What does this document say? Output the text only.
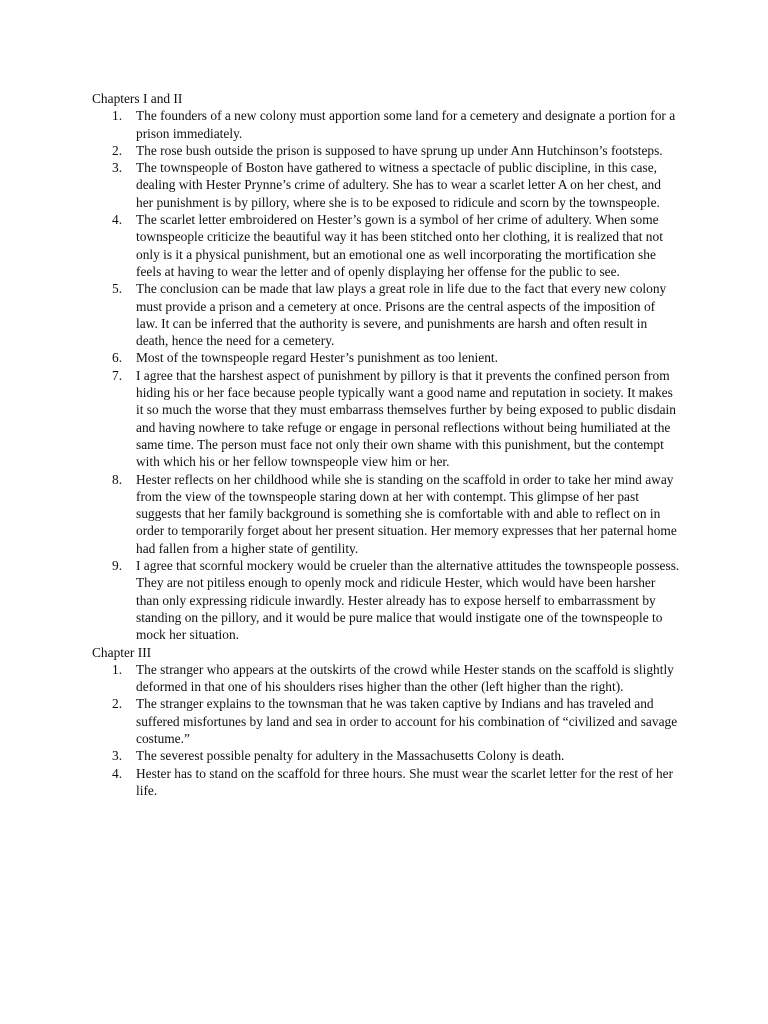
Chapters I and II
1. The founders of a new colony must apportion some land for a cemetery and designate a portion for a prison immediately.
2. The rose bush outside the prison is supposed to have sprung up under Ann Hutchinson’s footsteps.
3. The townspeople of Boston have gathered to witness a spectacle of public discipline, in this case, dealing with Hester Prynne’s crime of adultery. She has to wear a scarlet letter A on her chest, and her punishment is by pillory, where she is to be exposed to ridicule and scorn by the townspeople.
4. The scarlet letter embroidered on Hester’s gown is a symbol of her crime of adultery. When some townspeople criticize the beautiful way it has been stitched onto her clothing, it is realized that not only is it a physical punishment, but an emotional one as well incorporating the mortification she feels at having to wear the letter and of openly displaying her offense for the public to see.
5. The conclusion can be made that law plays a great role in life due to the fact that every new colony must provide a prison and a cemetery at once. Prisons are the central aspects of the imposition of law. It can be inferred that the authority is severe, and punishments are harsh and often result in death, hence the need for a cemetery.
6. Most of the townspeople regard Hester’s punishment as too lenient.
7. I agree that the harshest aspect of punishment by pillory is that it prevents the confined person from hiding his or her face because people typically want a good name and reputation in society. It makes it so much the worse that they must embarrass themselves further by being exposed to public disdain and having nowhere to take refuge or engage in personal reflections without being humiliated at the same time. The person must face not only their own shame with this punishment, but the contempt with which his or her fellow townspeople view him or her.
8. Hester reflects on her childhood while she is standing on the scaffold in order to take her mind away from the view of the townspeople staring down at her with contempt. This glimpse of her past suggests that her family background is something she is comfortable with and able to reflect on in order to temporarily forget about her present situation. Her memory expresses that her paternal home had fallen from a higher state of gentility.
9. I agree that scornful mockery would be crueler than the alternative attitudes the townspeople possess. They are not pitiless enough to openly mock and ridicule Hester, which would have been harsher than only expressing ridicule inwardly. Hester already has to expose herself to embarrassment by standing on the pillory, and it would be pure malice that would instigate one of the townspeople to mock her situation.
Chapter III
1. The stranger who appears at the outskirts of the crowd while Hester stands on the scaffold is slightly deformed in that one of his shoulders rises higher than the other (left higher than the right).
2. The stranger explains to the townsman that he was taken captive by Indians and has traveled and suffered misfortunes by land and sea in order to account for his combination of “civilized and savage costume.”
3. The severest possible penalty for adultery in the Massachusetts Colony is death.
4. Hester has to stand on the scaffold for three hours. She must wear the scarlet letter for the rest of her life.
